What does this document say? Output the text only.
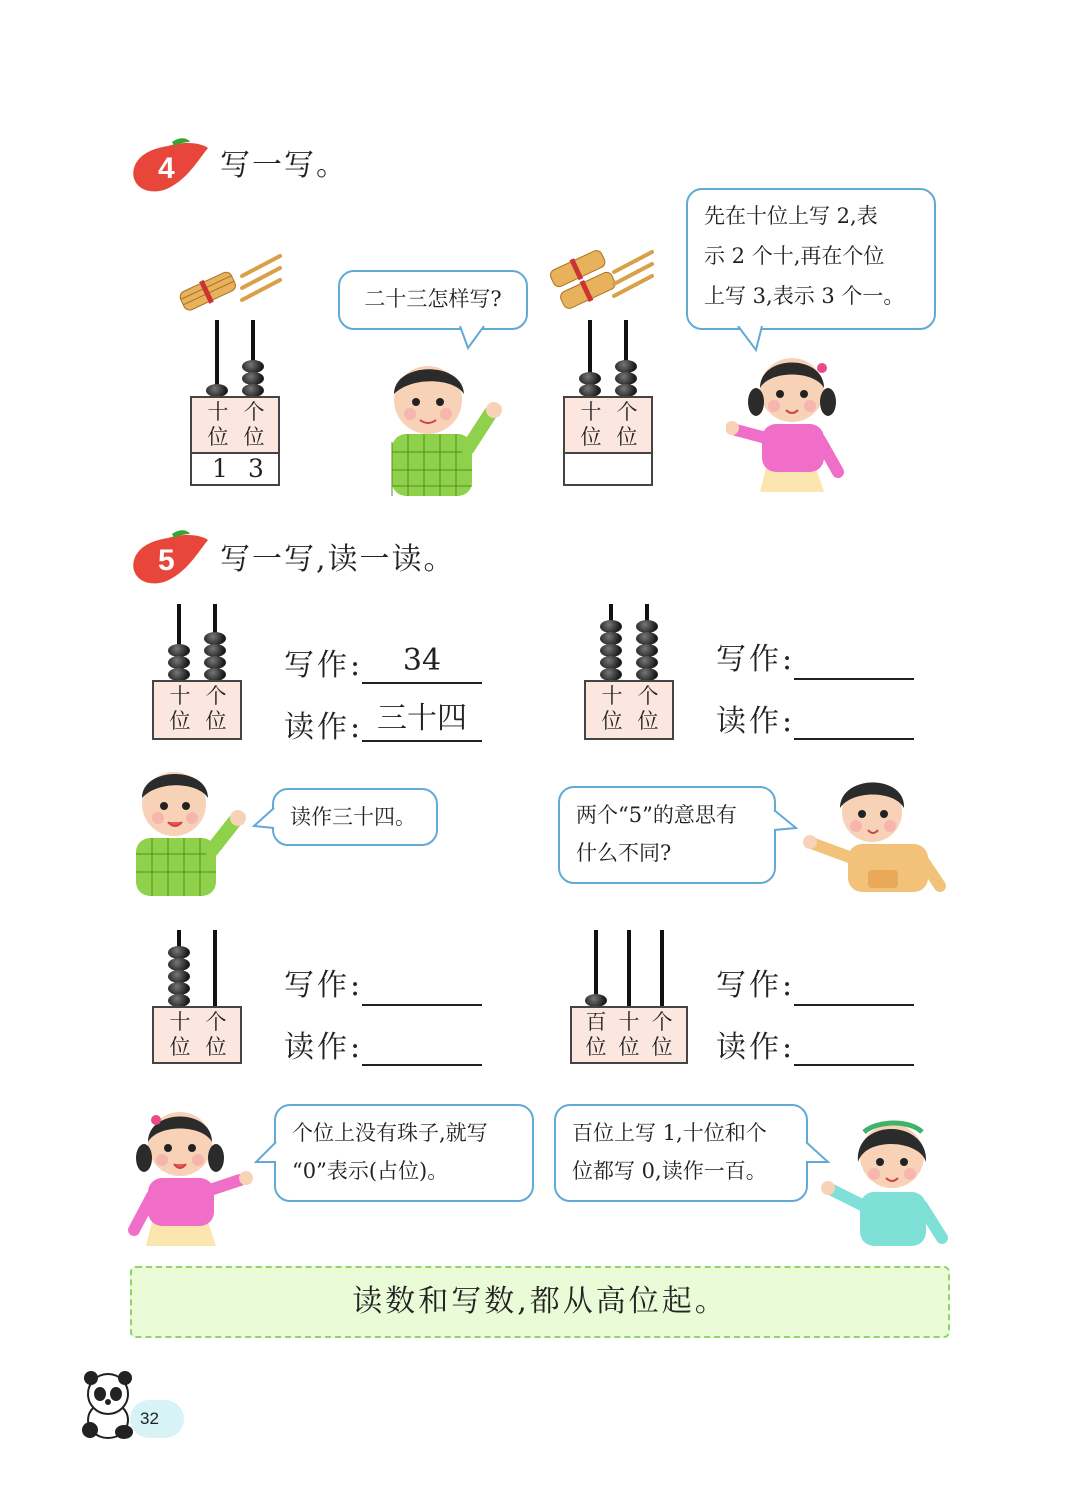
4 写一写。
十
位
个
位
1 3
二十三怎样写?
十
位
个
位
先在十位上写 2,表
示 2 个十,再在个位
上写 3,表示 3 个一。
5 写一写,读一读。
十
位
个
位
写作:	34
读作: 三十四
十
位
个
位
写作:
读作:
读作三十四。	两个“5”的意思有
什么不同?
十
位
个
位
写作:
读作:
百
位
十
位
个
位
写作:
读作:
个位上没有珠子,就写
“0”表示(占位)。
百位上写 1,十位和个
位都写 0,读作一百。
读数和写数,都从高位起。
32
